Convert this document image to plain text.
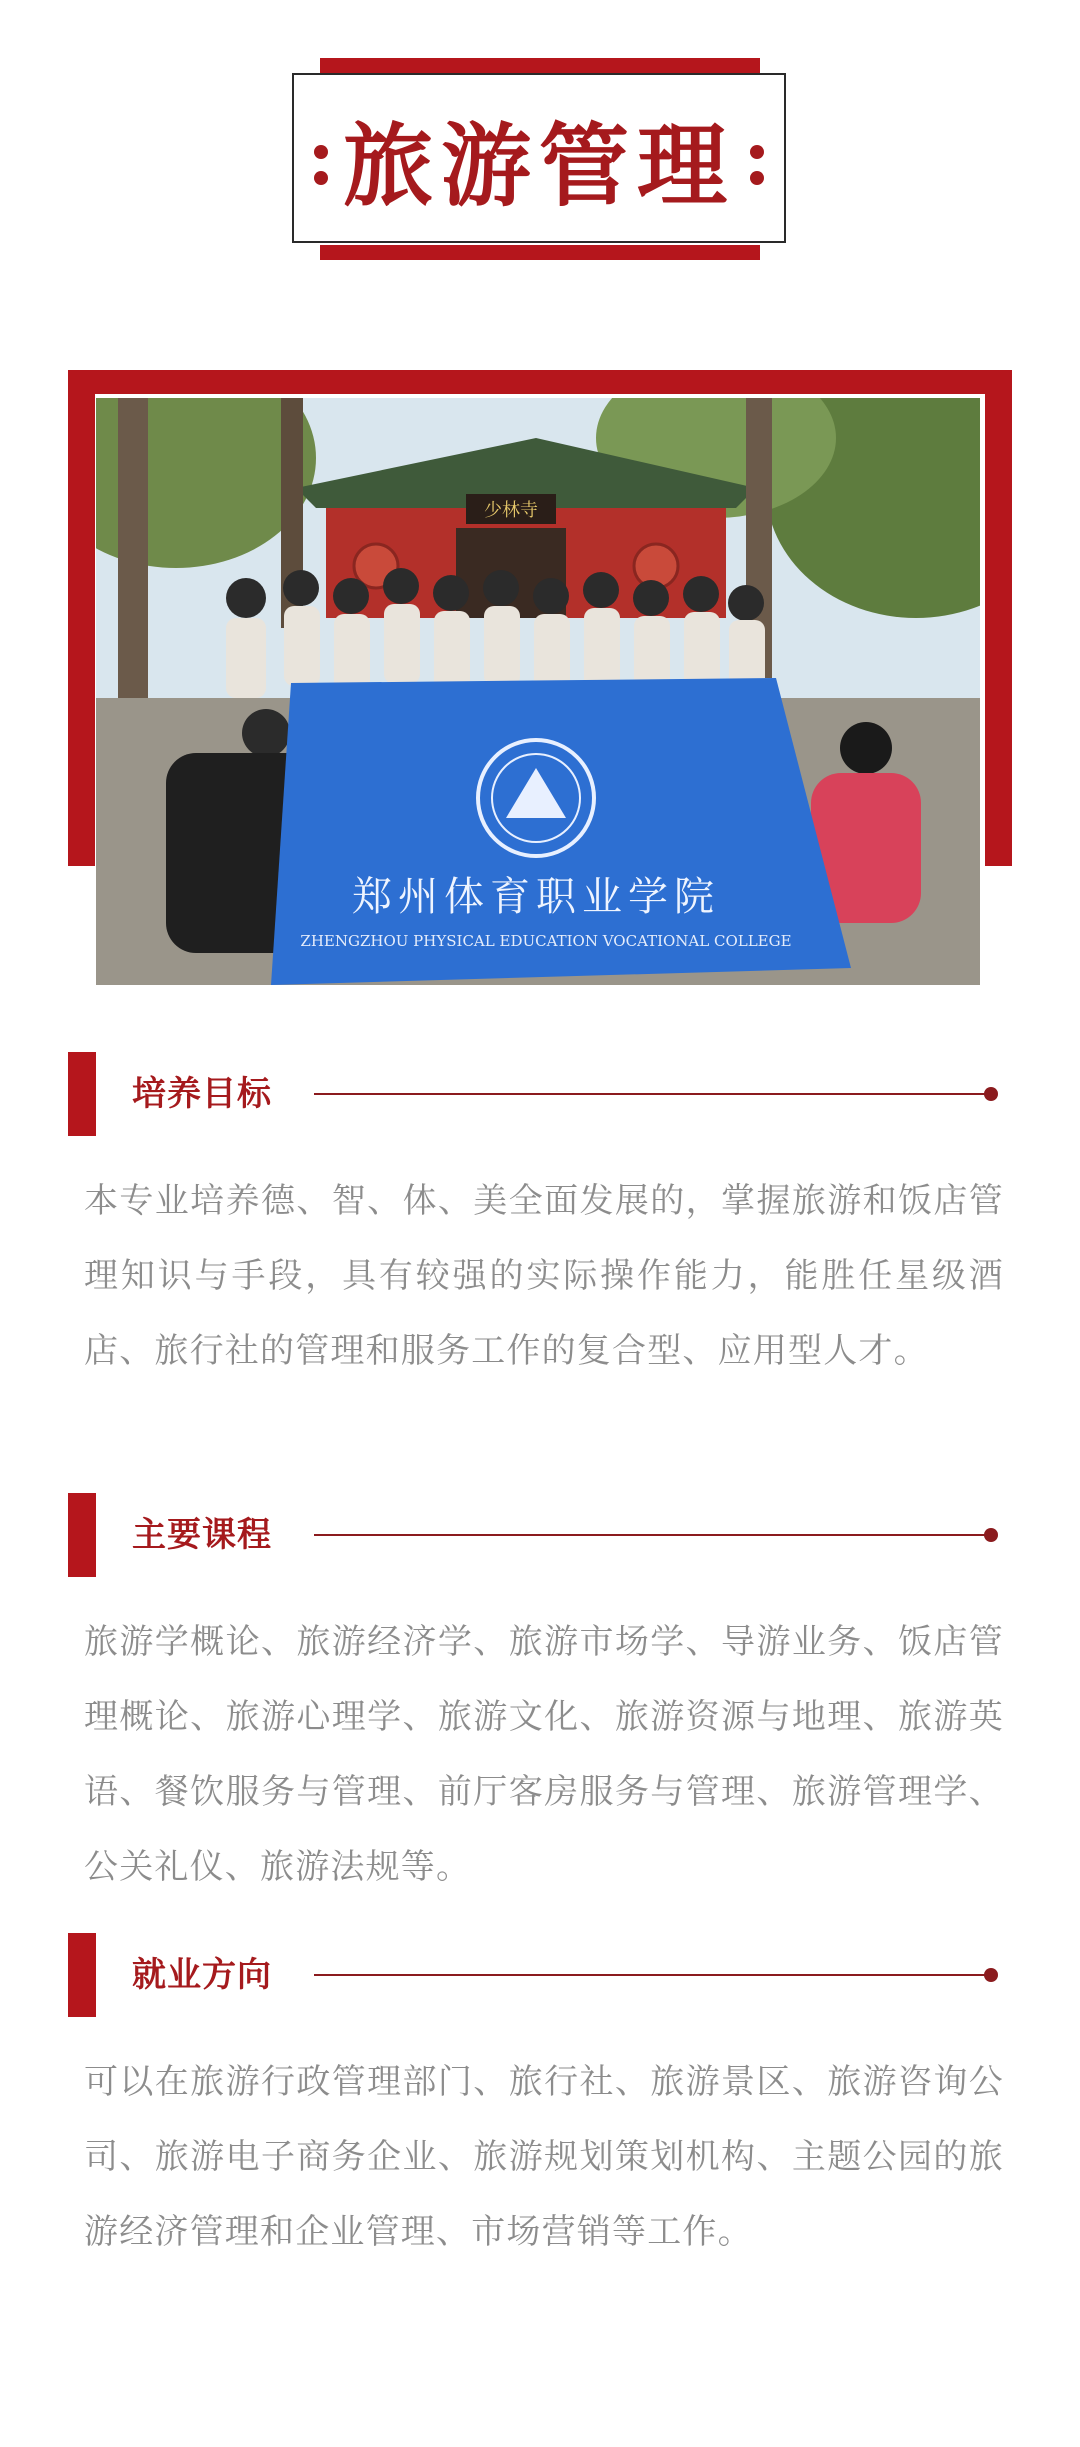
旅游管理
少林寺
郑州体育职业学院
ZHENGZHOU PHYSICAL EDUCATION VOCATIONAL COLLEGE
培养目标
本专业培养德、智、体、美全面发展的，掌握旅游和饭店管理知识与手段，具有较强的实际操作能力，能胜任星级酒店、旅行社的管理和服务工作的复合型、应用型人才。
主要课程
旅游学概论、旅游经济学、旅游市场学、导游业务、饭店管理概论、旅游心理学、旅游文化、旅游资源与地理、旅游英语、餐饮服务与管理、前厅客房服务与管理、旅游管理学、公关礼仪、旅游法规等。
就业方向
可以在旅游行政管理部门、旅行社、旅游景区、旅游咨询公司、旅游电子商务企业、旅游规划策划机构、主题公园的旅游经济管理和企业管理、市场营销等工作。
